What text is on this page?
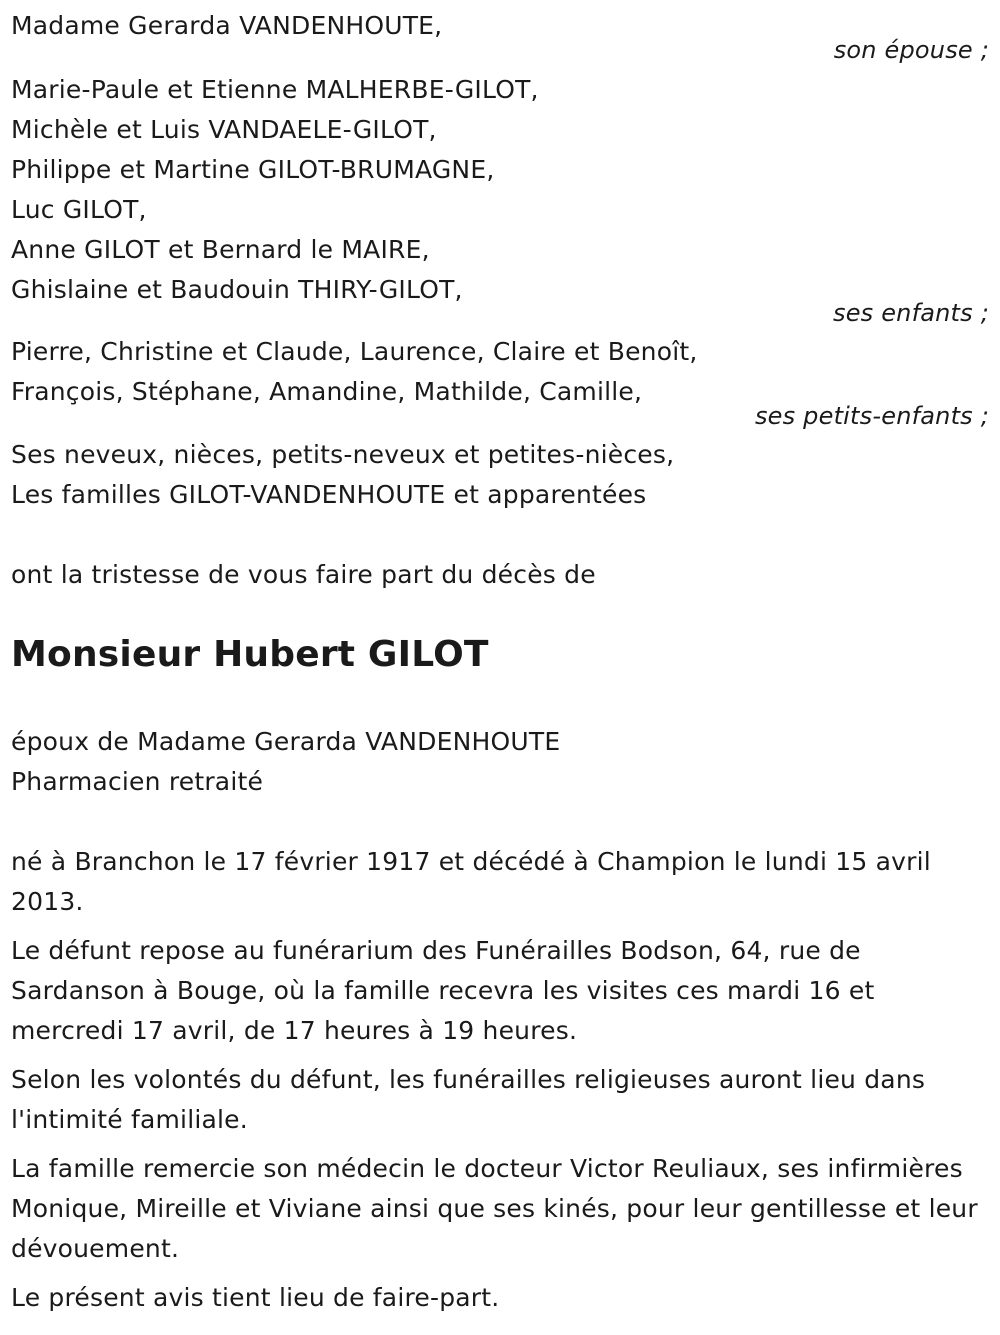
Madame Gerarda VANDENHOUTE,
son épouse ;
Marie-Paule et Etienne MALHERBE-GILOT,
Michèle et Luis VANDAELE-GILOT,
Philippe et Martine GILOT-BRUMAGNE,
Luc GILOT,
Anne GILOT et Bernard le MAIRE,
Ghislaine et Baudouin THIRY-GILOT,
ses enfants ;
Pierre, Christine et Claude, Laurence, Claire et Benoît,
François, Stéphane, Amandine, Mathilde, Camille,
ses petits-enfants ;
Ses neveux, nièces, petits-neveux et petites-nièces,
Les familles GILOT-VANDENHOUTE et apparentées
ont la tristesse de vous faire part du décès de
Monsieur Hubert GILOT
époux de Madame Gerarda VANDENHOUTE
Pharmacien retraité
né à Branchon le 17 février 1917 et décédé à Champion le lundi 15 avril 2013.
Le défunt repose au funérarium des Funérailles Bodson, 64, rue de Sardanson à Bouge, où la famille recevra les visites ces mardi 16 et mercredi 17 avril, de 17 heures à 19 heures.
Selon les volontés du défunt, les funérailles religieuses auront lieu dans l'intimité familiale.
La famille remercie son médecin le docteur Victor Reuliaux, ses infirmières Monique, Mireille et Viviane ainsi que ses kinés, pour leur gentillesse et leur dévouement.
Le présent avis tient lieu de faire-part.
